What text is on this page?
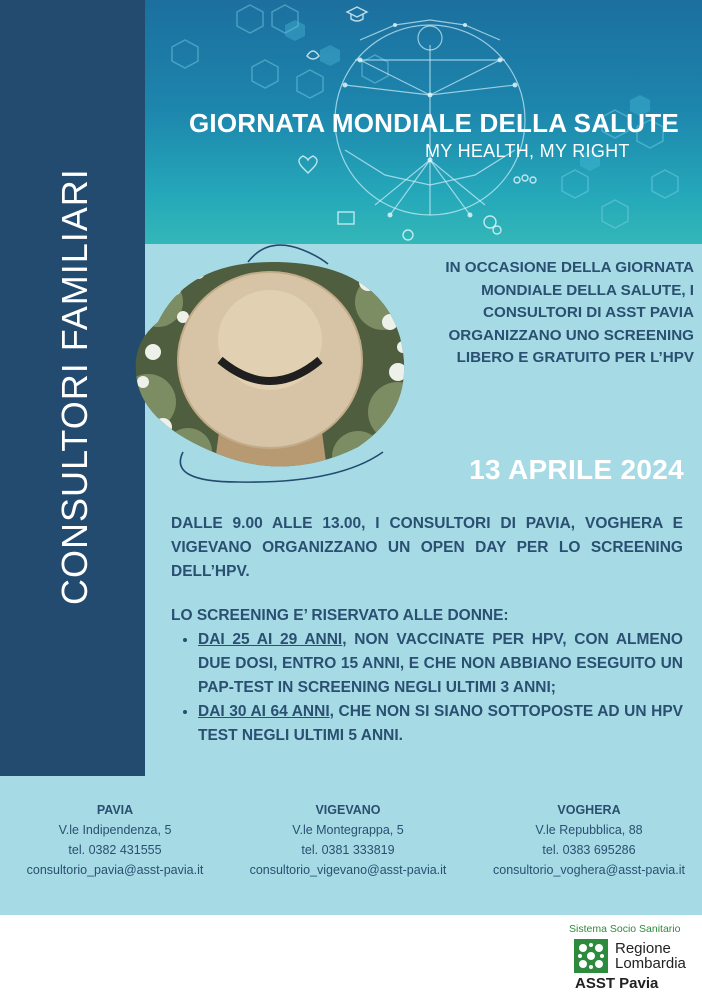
GIORNATA MONDIALE DELLA SALUTE
MY HEALTH, MY RIGHT
CONSULTORI FAMILIARI	IN OCCASIONE DELLA GIORNATA MONDIALE DELLA SALUTE, I CONSULTORI DI ASST PAVIA ORGANIZZANO UNO SCREENING LIBERO E GRATUITO PER L’HPV
13 APRILE 2024

DALLE 9.00 ALLE 13.00, I CONSULTORI DI PAVIA, VOGHERA E VIGEVANO ORGANIZZANO UN OPEN DAY PER LO SCREENING DELL’HPV.

LO SCREENING E’ RISERVATO ALLE DONNE:

• DAI 25 AI 29 ANNI, NON VACCINATE PER HPV, CON ALMENO DUE DOSI, ENTRO 15 ANNI, E CHE NON ABBIANO ESEGUITO UN PAP-TEST IN SCREENING NEGLI ULTIMI 3 ANNI;
• DAI 30 AI 64 ANNI, CHE NON SI SIANO SOTTOPOSTE AD UN HPV TEST NEGLI ULTIMI 5 ANNI.
PAVIA
V.le Indipendenza, 5
tel. 0382 431555
consultorio_pavia@asst-pavia.it
VIGEVANO
V.le Montegrappa, 5
tel. 0381 333819
consultorio_vigevano@asst-pavia.it
VOGHERA
V.le Repubblica, 88
tel. 0383 695286
consultorio_voghera@asst-pavia.it
Sistema Socio Sanitario
Regione
Lombardia
ASST Pavia
